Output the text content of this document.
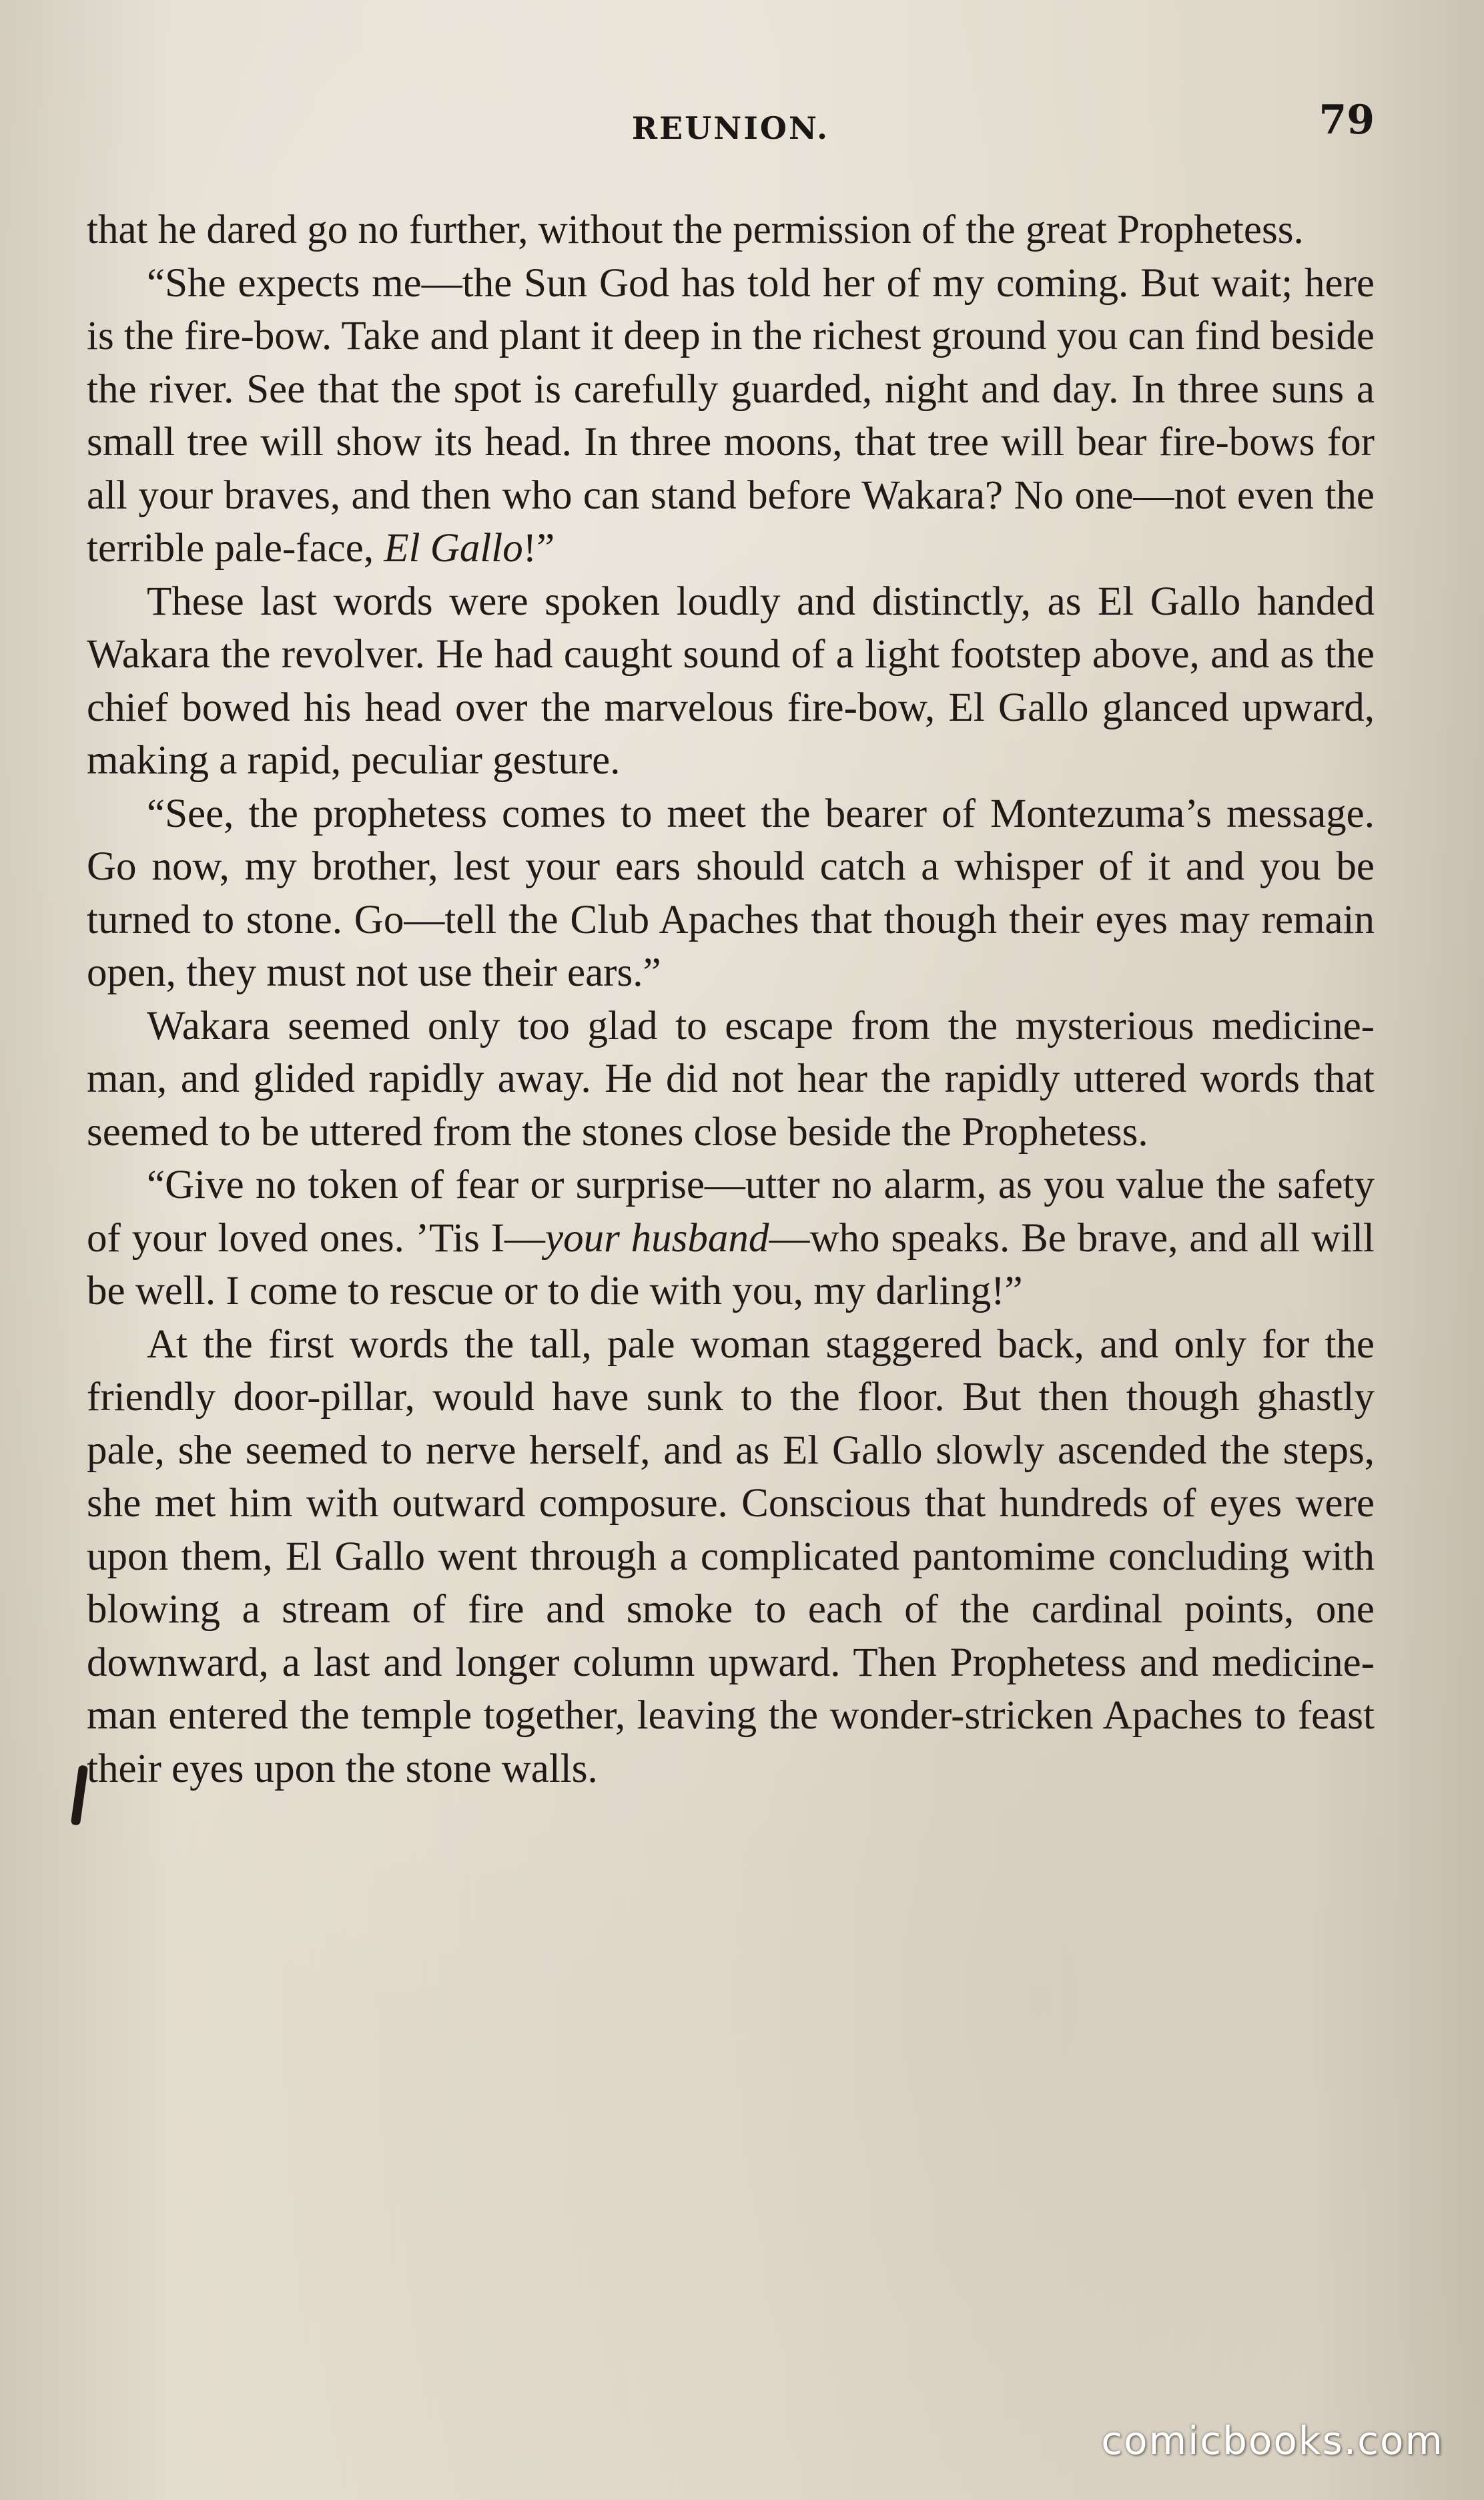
REUNION.	79

that he dared go no further, without the permission of the great Prophetess.

“She expects me—the Sun God has told her of my coming. But wait; here is the fire-bow. Take and plant it deep in the richest ground you can find beside the river. See that the spot is carefully guarded, night and day. In three suns a small tree will show its head. In three moons, that tree will bear fire-bows for all your braves, and then who can stand before Wakara? No one—not even the terrible pale-face, El Gallo!”

These last words were spoken loudly and distinctly, as El Gallo handed Wakara the revolver. He had caught sound of a light footstep above, and as the chief bowed his head over the marvelous fire-bow, El Gallo glanced upward, making a rapid, peculiar gesture.

“See, the prophetess comes to meet the bearer of Montezuma’s message. Go now, my brother, lest your ears should catch a whisper of it and you be turned to stone. Go—tell the Club Apaches that though their eyes may remain open, they must not use their ears.”

Wakara seemed only too glad to escape from the mysterious medicine-man, and glided rapidly away. He did not hear the rapidly uttered words that seemed to be uttered from the stones close beside the Prophetess.

“Give no token of fear or surprise—utter no alarm, as you value the safety of your loved ones. ’Tis I—your husband—who speaks. Be brave, and all will be well. I come to rescue or to die with you, my darling!”

At the first words the tall, pale woman staggered back, and only for the friendly door-pillar, would have sunk to the floor. But then though ghastly pale, she seemed to nerve herself, and as El Gallo slowly ascended the steps, she met him with outward composure. Conscious that hundreds of eyes were upon them, El Gallo went through a complicated pantomime concluding with blowing a stream of fire and smoke to each of the cardinal points, one downward, a last and longer column upward. Then Prophetess and medicine-man entered the temple together, leaving the wonder-stricken Apaches to feast their eyes upon the stone walls.

comicbooks.com
